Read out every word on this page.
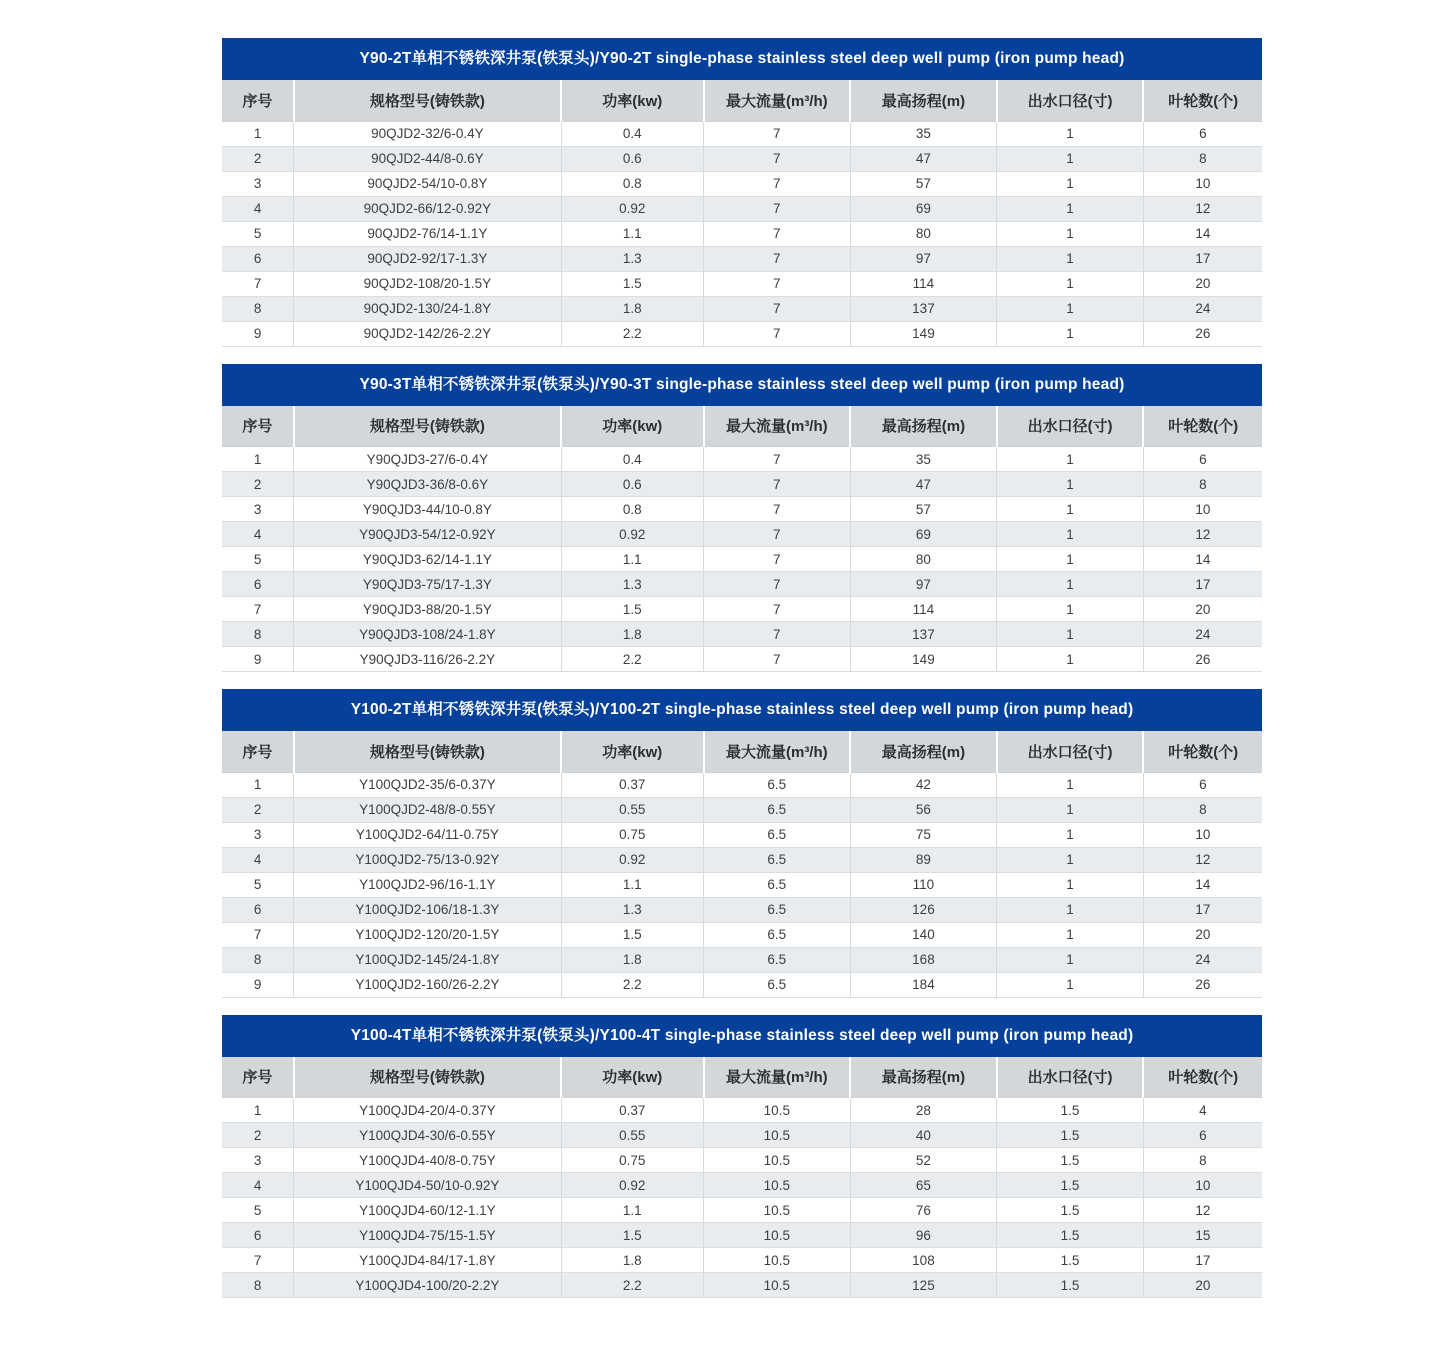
Y90-2T单相不锈铁深井泵(铁泵头)/Y90-2T single-phase stainless steel deep well pump (iron pump head)
序号	规格型号(铸铁款)	功率(kw)	最大流量(m³/h)	最高扬程(m)	出水口径(寸)	叶轮数(个)
1	90QJD2-32/6-0.4Y	0.4	7	35	1	6
2	90QJD2-44/8-0.6Y	0.6	7	47	1	8
3	90QJD2-54/10-0.8Y	0.8	7	57	1	10
4	90QJD2-66/12-0.92Y	0.92	7	69	1	12
5	90QJD2-76/14-1.1Y	1.1	7	80	1	14
6	90QJD2-92/17-1.3Y	1.3	7	97	1	17
7	90QJD2-108/20-1.5Y	1.5	7	114	1	20
8	90QJD2-130/24-1.8Y	1.8	7	137	1	24
9	90QJD2-142/26-2.2Y	2.2	7	149	1	26
Y90-3T单相不锈铁深井泵(铁泵头)/Y90-3T single-phase stainless steel deep well pump (iron pump head)
序号	规格型号(铸铁款)	功率(kw)	最大流量(m³/h)	最高扬程(m)	出水口径(寸)	叶轮数(个)
1	Y90QJD3-27/6-0.4Y	0.4	7	35	1	6
2	Y90QJD3-36/8-0.6Y	0.6	7	47	1	8
3	Y90QJD3-44/10-0.8Y	0.8	7	57	1	10
4	Y90QJD3-54/12-0.92Y	0.92	7	69	1	12
5	Y90QJD3-62/14-1.1Y	1.1	7	80	1	14
6	Y90QJD3-75/17-1.3Y	1.3	7	97	1	17
7	Y90QJD3-88/20-1.5Y	1.5	7	114	1	20
8	Y90QJD3-108/24-1.8Y	1.8	7	137	1	24
9	Y90QJD3-116/26-2.2Y	2.2	7	149	1	26
Y100-2T单相不锈铁深井泵(铁泵头)/Y100-2T single-phase stainless steel deep well pump (iron pump head)
序号	规格型号(铸铁款)	功率(kw)	最大流量(m³/h)	最高扬程(m)	出水口径(寸)	叶轮数(个)
1	Y100QJD2-35/6-0.37Y	0.37	6.5	42	1	6
2	Y100QJD2-48/8-0.55Y	0.55	6.5	56	1	8
3	Y100QJD2-64/11-0.75Y	0.75	6.5	75	1	10
4	Y100QJD2-75/13-0.92Y	0.92	6.5	89	1	12
5	Y100QJD2-96/16-1.1Y	1.1	6.5	110	1	14
6	Y100QJD2-106/18-1.3Y	1.3	6.5	126	1	17
7	Y100QJD2-120/20-1.5Y	1.5	6.5	140	1	20
8	Y100QJD2-145/24-1.8Y	1.8	6.5	168	1	24
9	Y100QJD2-160/26-2.2Y	2.2	6.5	184	1	26
Y100-4T单相不锈铁深井泵(铁泵头)/Y100-4T single-phase stainless steel deep well pump (iron pump head)
序号	规格型号(铸铁款)	功率(kw)	最大流量(m³/h)	最高扬程(m)	出水口径(寸)	叶轮数(个)
1	Y100QJD4-20/4-0.37Y	0.37	10.5	28	1.5	4
2	Y100QJD4-30/6-0.55Y	0.55	10.5	40	1.5	6
3	Y100QJD4-40/8-0.75Y	0.75	10.5	52	1.5	8
4	Y100QJD4-50/10-0.92Y	0.92	10.5	65	1.5	10
5	Y100QJD4-60/12-1.1Y	1.1	10.5	76	1.5	12
6	Y100QJD4-75/15-1.5Y	1.5	10.5	96	1.5	15
7	Y100QJD4-84/17-1.8Y	1.8	10.5	108	1.5	17
8	Y100QJD4-100/20-2.2Y	2.2	10.5	125	1.5	20
